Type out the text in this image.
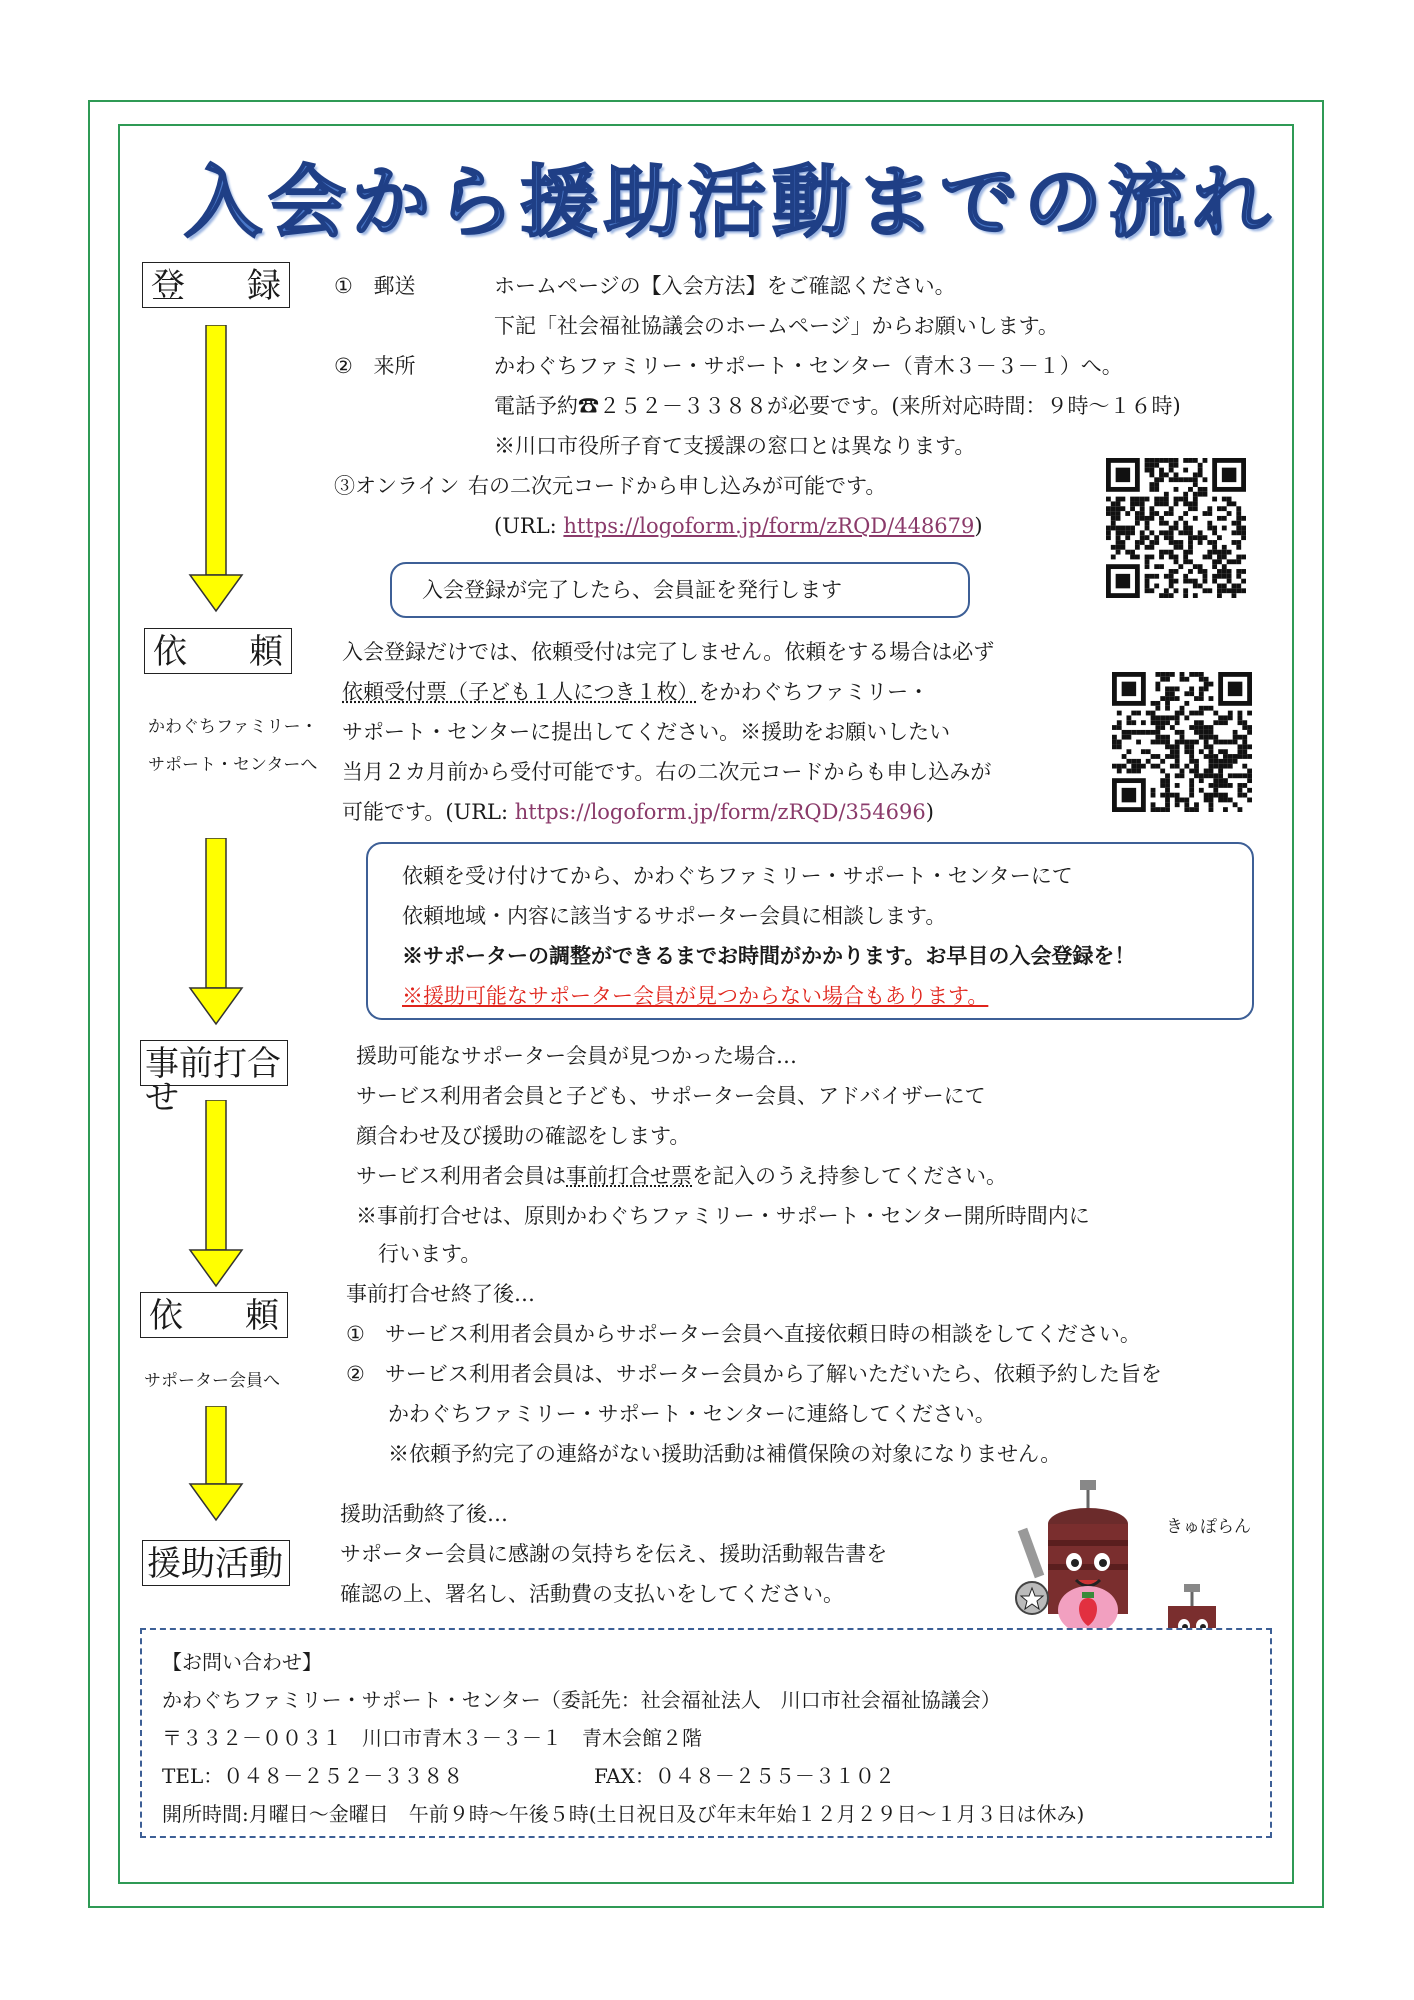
入会から援助活動までの流れ
登 録	① 郵送	ホームページの【入会方法】をご確認ください。
下記「社会福祉協議会のホームページ」からお願いします。
② 来所	かわぐちファミリー・サポート・センター（青木３－３－１）へ。
電話予約☎２５２－３３８８が必要です。(来所対応時間：９時～１６時)
※川口市役所子育て支援課の窓口とは異なります。
③オンライン 右の二次元コードから申し込みが可能です。
(URL: https://logoform.jp/form/zRQD/448679)
入会登録が完了したら、会員証を発行します
依 頼
かわぐちファミリー・
サポート・センターへ
入会登録だけでは、依頼受付は完了しません。依頼をする場合は必ず
依頼受付票（子ども１人につき１枚）をかわぐちファミリー・
サポート・センターに提出してください。※援助をお願いしたい
当月２カ月前から受付可能です。右の二次元コードからも申し込みが
可能です。(URL: https://logoform.jp/form/zRQD/354696)
依頼を受け付けてから、かわぐちファミリー・サポート・センターにて
依頼地域・内容に該当するサポーター会員に相談します。
※サポーターの調整ができるまでお時間がかかります。お早目の入会登録を！
※援助可能なサポーター会員が見つからない場合もあります。
事前打合せ
援助可能なサポーター会員が見つかった場合…
サービス利用者会員と子ども、サポーター会員、アドバイザーにて
顔合わせ及び援助の確認をします。
サービス利用者会員は事前打合せ票を記入のうえ持参してください。
※事前打合せは、原則かわぐちファミリー・サポート・センター開所時間内に
行います。
依 頼
サポーター会員へ
事前打合せ終了後…
① サービス利用者会員からサポーター会員へ直接依頼日時の相談をしてください。
② サービス利用者会員は、サポーター会員から了解いただいたら、依頼予約した旨を
かわぐちファミリー・サポート・センターに連絡してください。
※依頼予約完了の連絡がない援助活動は補償保険の対象になりません。
援助活動
援助活動終了後…
サポーター会員に感謝の気持ちを伝え、援助活動報告書を
確認の上、署名し、活動費の支払いをしてください。
きゅぽらん
【お問い合わせ】
かわぐちファミリー・サポート・センター（委託先：社会福祉法人　川口市社会福祉協議会）
〒３３２－００３１　川口市青木３－３－１　青木会館２階
TEL：０４８－２５２－３３８８	FAX：０４８－２５５－３１０２
開所時間:月曜日～金曜日　午前９時～午後５時(土日祝日及び年末年始１２月２９日～１月３日は休み)
